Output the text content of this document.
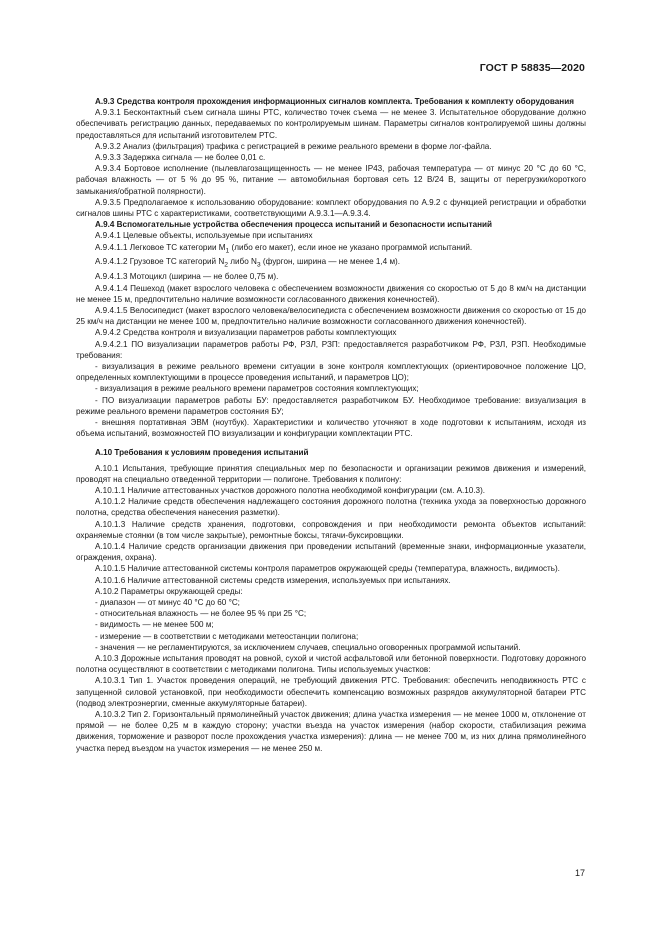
ГОСТ Р 58835—2020

А.9.3 Средства контроля прохождения информационных сигналов комплекта. Требования к комплекту оборудования

А.9.3.1 Бесконтактный съем сигнала шины РТС, количество точек съема — не менее 3. Испытательное оборудование должно обеспечивать регистрацию данных, передаваемых по контролируемым шинам. Параметры сигналов контролируемой шины должны предоставляться для испытаний изготовителем РТС.

А.9.3.2 Анализ (фильтрация) трафика с регистрацией в режиме реального времени в форме лог-файла.

А.9.3.3 Задержка сигнала — не более 0,01 с.

А.9.3.4 Бортовое исполнение (пылевлагозащищенность — не менее IP43, рабочая температура — от минус 20 °С до 60 °С, рабочая влажность — от 5 % до 95 %, питание — автомобильная бортовая сеть 12 В/24 В, защиты от перегрузки/короткого замыкания/обратной полярности).

А.9.3.5 Предполагаемое к использованию оборудование: комплект оборудования по А.9.2 с функцией регистрации и обработки сигналов шины РТС с характеристиками, соответствующими А.9.3.1—А.9.3.4.

А.9.4 Вспомогательные устройства обеспечения процесса испытаний и безопасности испытаний

А.9.4.1 Целевые объекты, используемые при испытаниях

А.9.4.1.1 Легковое ТС категории $M_1$ (либо его макет), если иное не указано программой испытаний.

А.9.4.1.2 Грузовое ТС категорий $N_2$ либо $N_3$ (фургон, ширина — не менее 1,4 м).

А.9.4.1.3 Мотоцикл (ширина — не более 0,75 м).

А.9.4.1.4 Пешеход (макет взрослого человека с обеспечением возможности движения со скоростью от 5 до 8 км/ч на дистанции не менее 15 м, предпочтительно наличие возможности согласованного движения конечностей).

А.9.4.1.5 Велосипедист (макет взрослого человека/велосипедиста с обеспечением возможности движения со скоростью от 15 до 25 км/ч на дистанции не менее 100 м, предпочтительно наличие возможности согласованного движения конечностей).

А.9.4.2 Средства контроля и визуализации параметров работы комплектующих

А.9.4.2.1 ПО визуализации параметров работы РФ, РЗЛ, РЗП: предоставляется разработчиком РФ, РЗЛ, РЗП. Необходимые требования:

- визуализация в режиме реального времени ситуации в зоне контроля комплектующих (ориентировочное положение ЦО, определенных комплектующими в процессе проведения испытаний, и параметров ЦО);

- визуализация в режиме реального времени параметров состояния комплектующих;

- ПО визуализации параметров работы БУ: предоставляется разработчиком БУ. Необходимое требование: визуализация в режиме реального времени параметров состояния БУ;

- внешняя портативная ЭВМ (ноутбук). Характеристики и количество уточняют в ходе подготовки к испытаниям, исходя из объема испытаний, возможностей ПО визуализации и конфигурации комплектации РТС.

А.10 Требования к условиям проведения испытаний

А.10.1 Испытания, требующие принятия специальных мер по безопасности и организации режимов движения и измерений, проводят на специально отведенной территории — полигоне. Требования к полигону:

А.10.1.1 Наличие аттестованных участков дорожного полотна необходимой конфигурации (см. А.10.3).

А.10.1.2 Наличие средств обеспечения надлежащего состояния дорожного полотна (техника ухода за поверхностью дорожного полотна, средства обеспечения нанесения разметки).

А.10.1.3 Наличие средств хранения, подготовки, сопровождения и при необходимости ремонта объектов испытаний: охраняемые стоянки (в том числе закрытые), ремонтные боксы, тягачи-буксировщики.

А.10.1.4 Наличие средств организации движения при проведении испытаний (временные знаки, информационные указатели, ограждения, охрана).

А.10.1.5 Наличие аттестованной системы контроля параметров окружающей среды (температура, влажность, видимость).

А.10.1.6 Наличие аттестованной системы средств измерения, используемых при испытаниях.

А.10.2 Параметры окружающей среды:

- диапазон — от минус 40 °С до 60 °С;

- относительная влажность — не более 95 % при 25 °С;

- видимость — не менее 500 м;

- измерение — в соответствии с методиками метеостанции полигона;

- значения — не регламентируются, за исключением случаев, специально оговоренных программой испытаний.

А.10.3 Дорожные испытания проводят на ровной, сухой и чистой асфальтовой или бетонной поверхности. Подготовку дорожного полотна осуществляют в соответствии с методиками полигона. Типы используемых участков:

А.10.3.1 Тип 1. Участок проведения операций, не требующий движения РТС. Требования: обеспечить неподвижность РТС с запущенной силовой установкой, при необходимости обеспечить компенсацию возможных разрядов аккумуляторной батареи РТС (подвод электроэнергии, сменные аккумуляторные батареи).

А.10.3.2 Тип 2. Горизонтальный прямолинейный участок движения; длина участка измерения — не менее 1000 м, отклонение от прямой — не более 0,25 м в каждую сторону; участки въезда на участок измерения (набор скорости, стабилизация режима движения, торможение и разворот после прохождения участка измерения): длина — не менее 700 м, из них длина прямолинейного участка перед въездом на участок измерения — не менее 250 м.

17
